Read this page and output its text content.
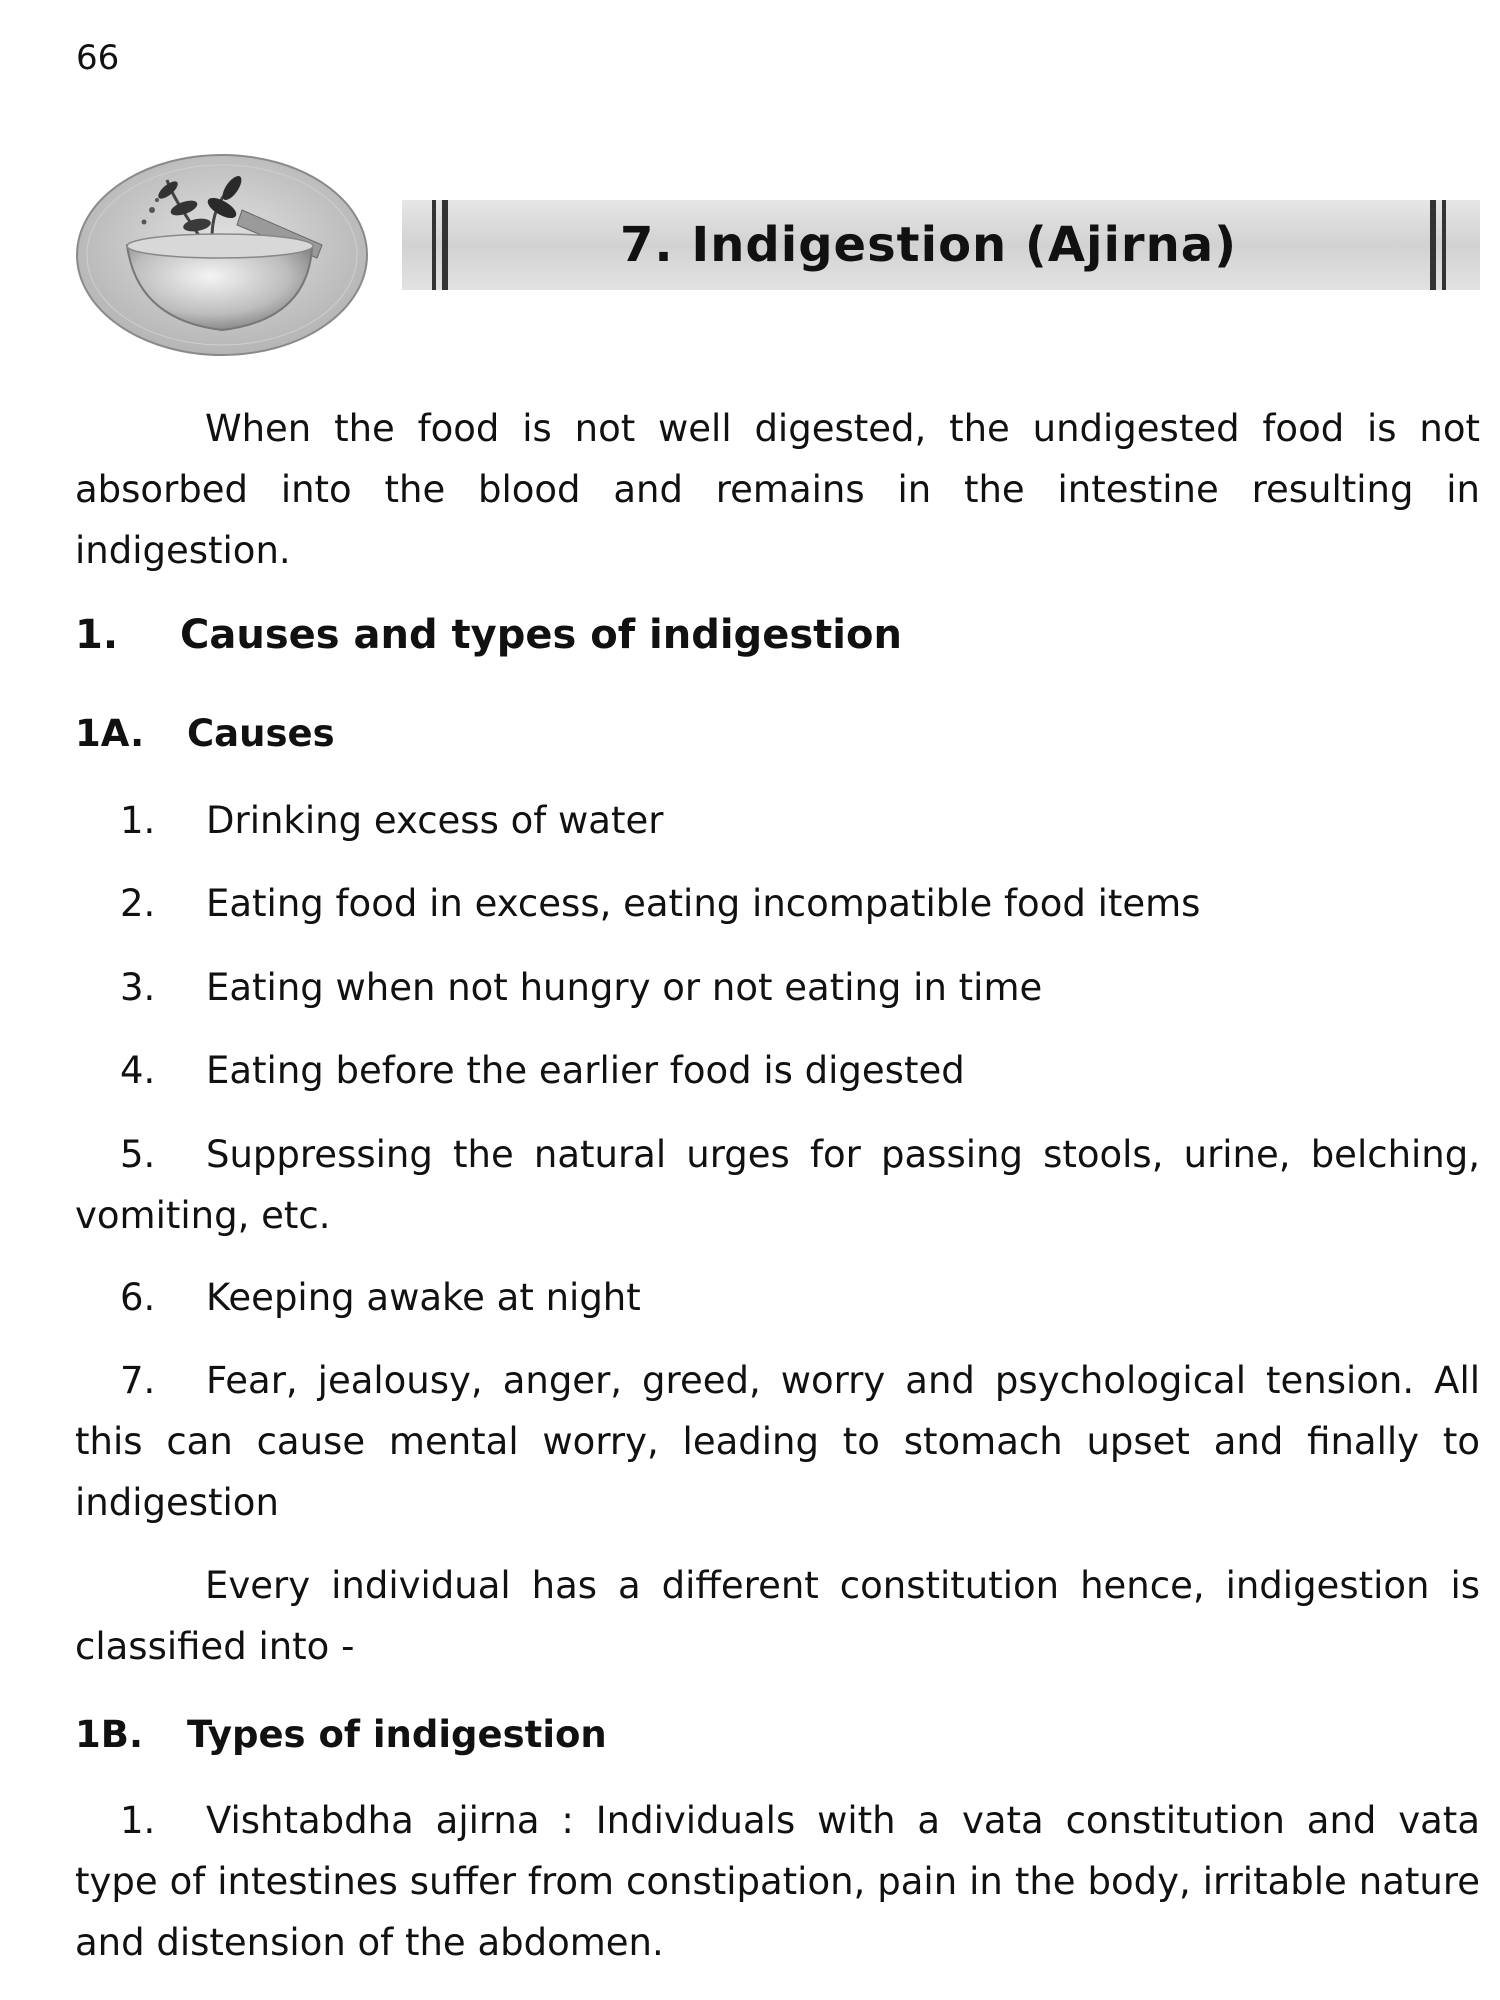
66
7. Indigestion (Ajirna)

When the food is not well digested, the undigested food is not absorbed into the blood and remains in the intestine resulting in indigestion.

1. Causes and types of indigestion
1A. Causes

1. Drinking excess of water

2. Eating food in excess, eating incompatible food items

3. Eating when not hungry or not eating in time

4. Eating before the earlier food is digested

5. Suppressing the natural urges for passing stools, urine, belching, vomiting, etc.

6. Keeping awake at night

7. Fear, jealousy, anger, greed, worry and psychological tension. All this can cause mental worry, leading to stomach upset and finally to indigestion

Every individual has a different constitution hence, indigestion is classified into -

1B. Types of indigestion

1. Vishtabdha ajirna : Individuals with a vata constitution and vata type of intestines suffer from constipation, pain in the body, irritable nature and distension of the abdomen.
